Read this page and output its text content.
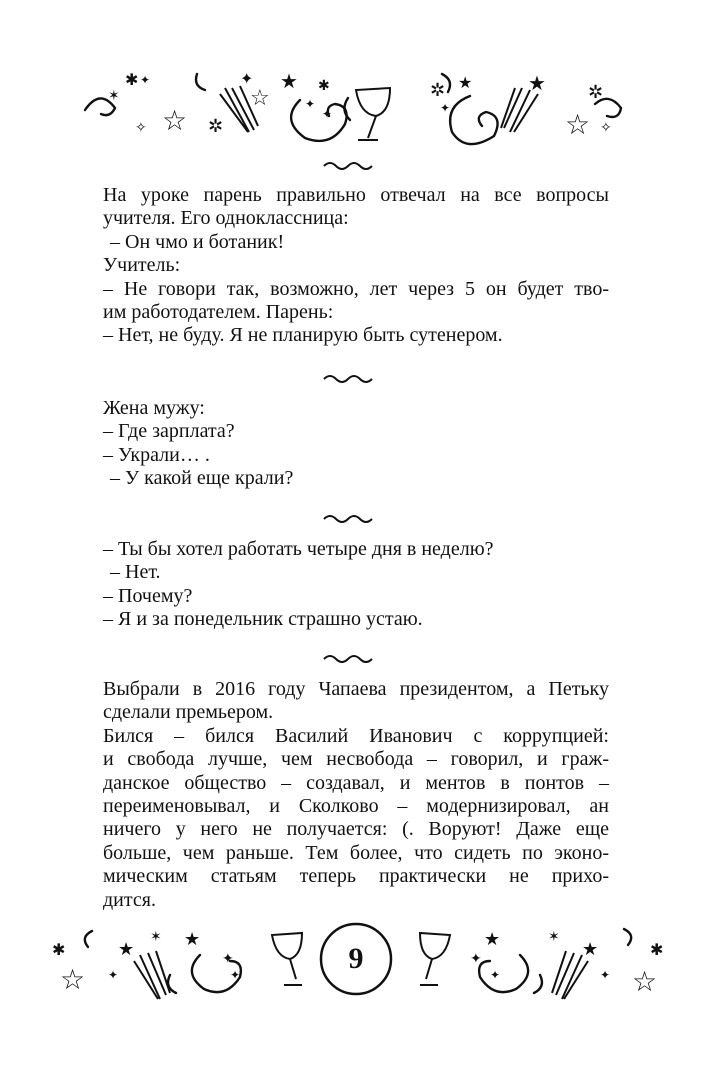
✱ ✦
✶
☆
✧	✲
✦
☆
★ ✱
✦
✦
✲ ★
✦
★
☆
✲
✧

На уроке парень правильно отвечал на все вопросы

учителя. Его одноклассница:

– Он чмо и ботаник!

Учитель:

– Не говори так, возможно, лет через 5 он будет тво-

им работодателем. Парень:

– Нет, не буду. Я не планирую быть сутенером.

Жена мужу:

– Где зарплата?

– Украли… .

– У какой еще крали?

– Ты бы хотел работать четыре дня в неделю?

– Нет.

– Почему?

– Я и за понедельник страшно устаю.

Выбрали в 2016 году Чапаева президентом, а Петьку

сделали премьером.

Бился – бился Василий Иванович с коррупцией:

и свобода лучше, чем несвобода – говорил, и граж-

данское общество – создавал, и ментов в понтов –

переименовывал, и Сколково – модернизировал, ан

ничего у него не получается: (. Воруют! Даже еще

больше, чем раньше. Тем более, что сидеть по эконо-

мическим статьям теперь практически не прихо-

дится.

✱
☆
★
✦
★
✶
✦
✦
★
✦
✦
✶
★
✦ ☆
✱
9
